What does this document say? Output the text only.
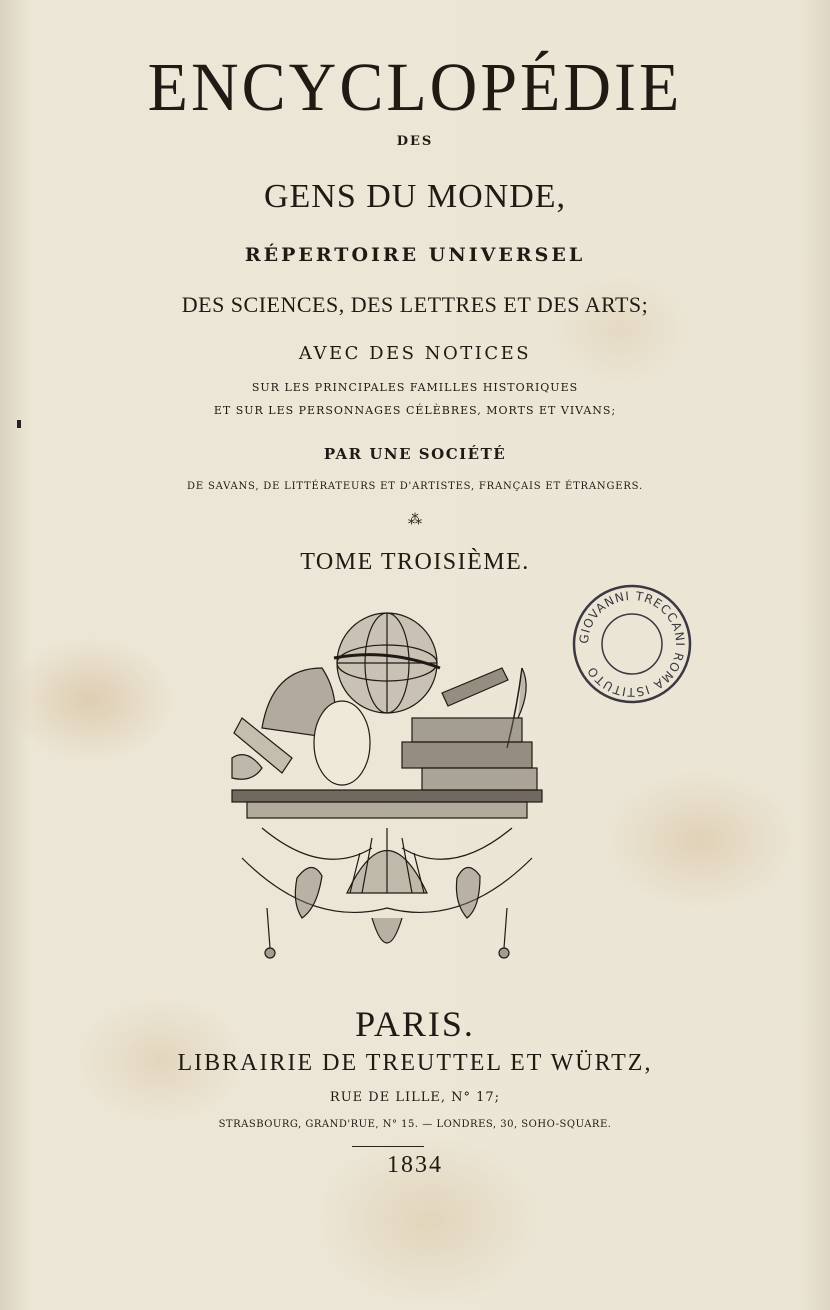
ENCYCLOPÉDIE
DES
GENS DU MONDE,
RÉPERTOIRE UNIVERSEL
DES SCIENCES, DES LETTRES ET DES ARTS;
AVEC DES NOTICES
SUR LES PRINCIPALES FAMILLES HISTORIQUES
ET SUR LES PERSONNAGES CÉLÈBRES, MORTS ET VIVANS;
PAR UNE SOCIÉTÉ
DE SAVANS, DE LITTÉRATEURS ET D'ARTISTES, FRANÇAIS ET ÉTRANGERS.
⁂
TOME TROISIÈME.
GIOVANNI TRECCANI ROMA ISTITUTO
PARIS.
LIBRAIRIE DE TREUTTEL ET WÜRTZ,
RUE DE LILLE, N° 17;
STRASBOURG, GRAND'RUE, N° 15. — LONDRES, 30, SOHO-SQUARE.
1834
